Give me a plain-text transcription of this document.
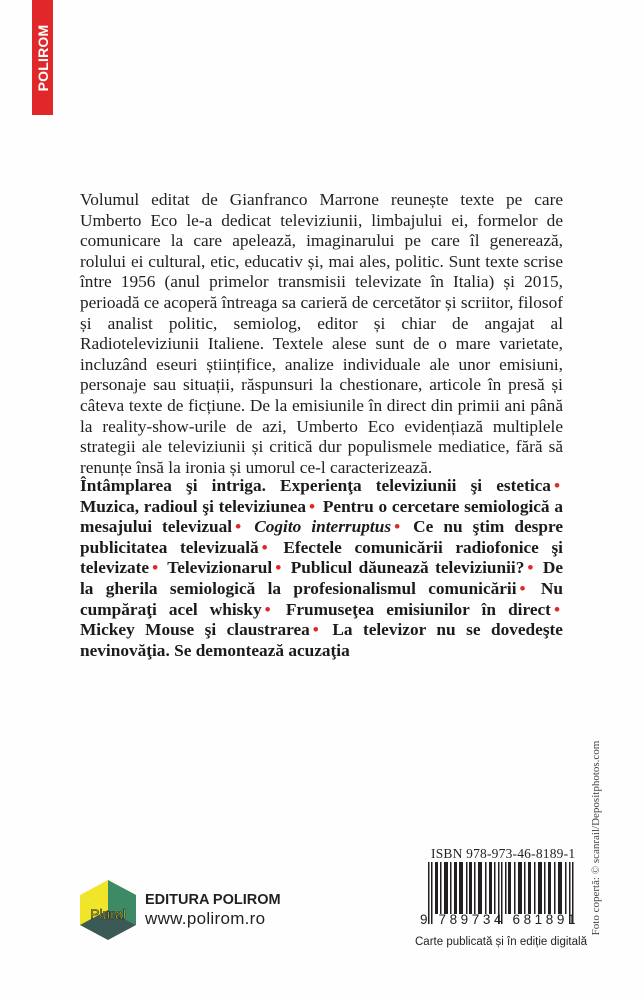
POLIROM

Volumul editat de Gianfranco Marrone reunește texte pe care Umberto Eco le-a dedicat televiziunii, limbajului ei, formelor de comunicare la care apelează, imaginarului pe care îl generează, rolului ei cultural, etic, educativ și, mai ales, politic. Sunt texte scrise între 1956 (anul primelor transmisii televizate în Italia) și 2015, perioadă ce acoperă întreaga sa carieră de cercetător și scriitor, filosof și analist politic, semiolog, editor și chiar de angajat al Radioteleviziunii Italiene. Textele alese sunt de o mare varietate, incluzând eseuri științifice, analize individuale ale unor emisiuni, personaje sau situații, răspunsuri la chestionare, articole în presă și câteva texte de ficțiune. De la emisiunile în direct din primii ani până la reality-show-urile de azi, Umberto Eco evidențiază multiplele strategii ale televiziunii și critică dur populismele mediatice, fără să renunțe însă la ironia și umorul ce-l caracterizează.

Întâmplarea şi intriga. Experienţa televiziunii şi estetica • Muzica, radioul şi televiziunea • Pentru o cercetare semiologică a mesajului televizual • Cogito interruptus • Ce nu ştim despre publicitatea televizuală • Efectele comunicării radiofonice şi televizate • Televizionarul • Publicul dăunează televiziunii? • De la gherila semiologică la profesionalismul comunicării • Nu cumpăraţi acel whisky • Frumuseţea emisiunilor în direct • Mickey Mouse şi claustrarea • La televizor nu se dovedeşte nevinovăţia. Se demontează acuzaţia

Foto copertă: © scanrail/Depositphotos.com
Plural
EDITURA POLIROM
www.polirom.ro
ISBN 978-973-46-8189-1
9 789734 681891
Carte publicată și în ediție digitală
